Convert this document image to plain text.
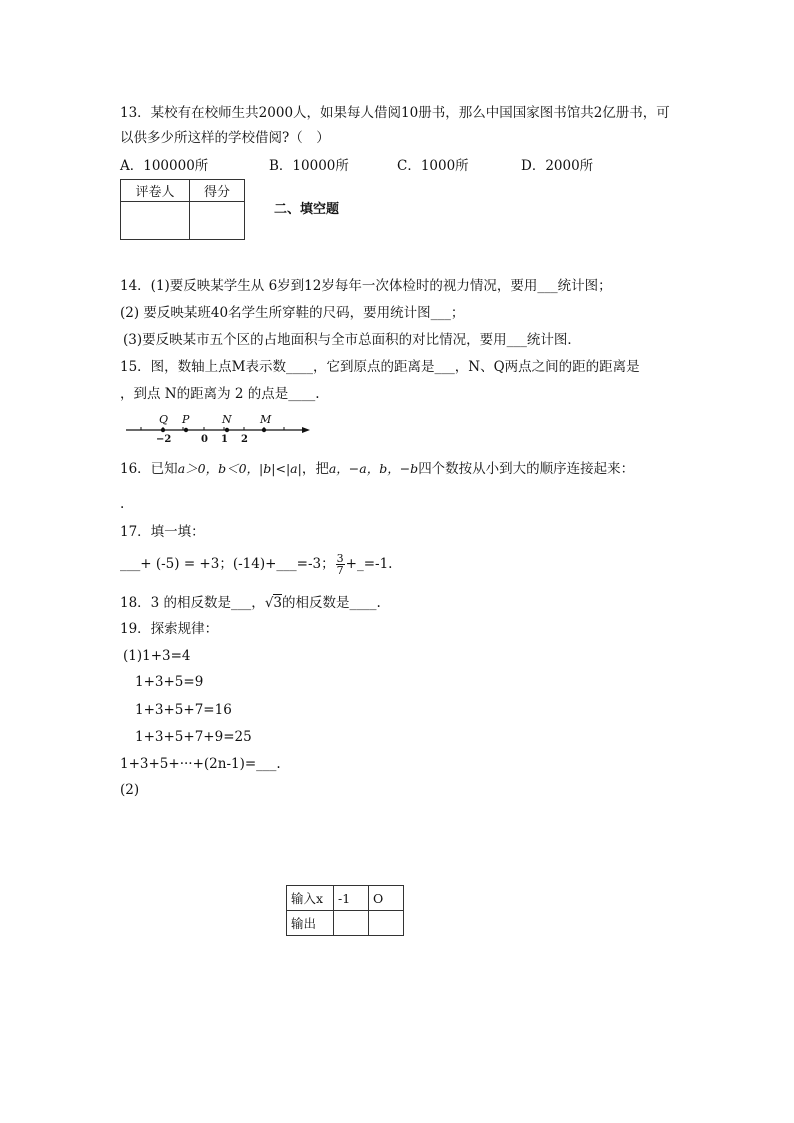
13．某校有在校师生共2000人，如果每人借阅10册书，那么中国国家图书馆共2亿册书，可
以供多少所这样的学校借阅?（　）
A．100000所	B．10000所	C．1000所	D．2000所
评卷人	得分

二、填空题
14．(1)要反映某学生从 6岁到12岁每年一次体检时的视力情况，要用___统计图；
(2) 要反映某班40名学生所穿鞋的尺码，要用统计图___；
(3)要反映某市五个区的占地面积与全市总面积的对比情况，要用___统计图．
15．图，数轴上点M表示数____，它到原点的距离是___，N、Q两点之间的距的距离是
，到点 N的距离为 2 的点是____.
Q P	N	M
−2	0 1 2
16．已知a＞0，b＜0，|b|<|a|，把a，−a，b，−b四个数按从小到大的顺序连接起来：
.
17．填一填：
___+ (-5) = +3；(-14)+___=-3； $\frac{3}{7}$ +_=-1.
18．3 的相反数是___，√3的相反数是____.
19．探索规律：
(1)1+3=4
1+3+5=9
1+3+5+7=16
1+3+5+7+9=25
1+3+5+···+(2n-1)=___.
(2)
输入x	-1	O
输出		
